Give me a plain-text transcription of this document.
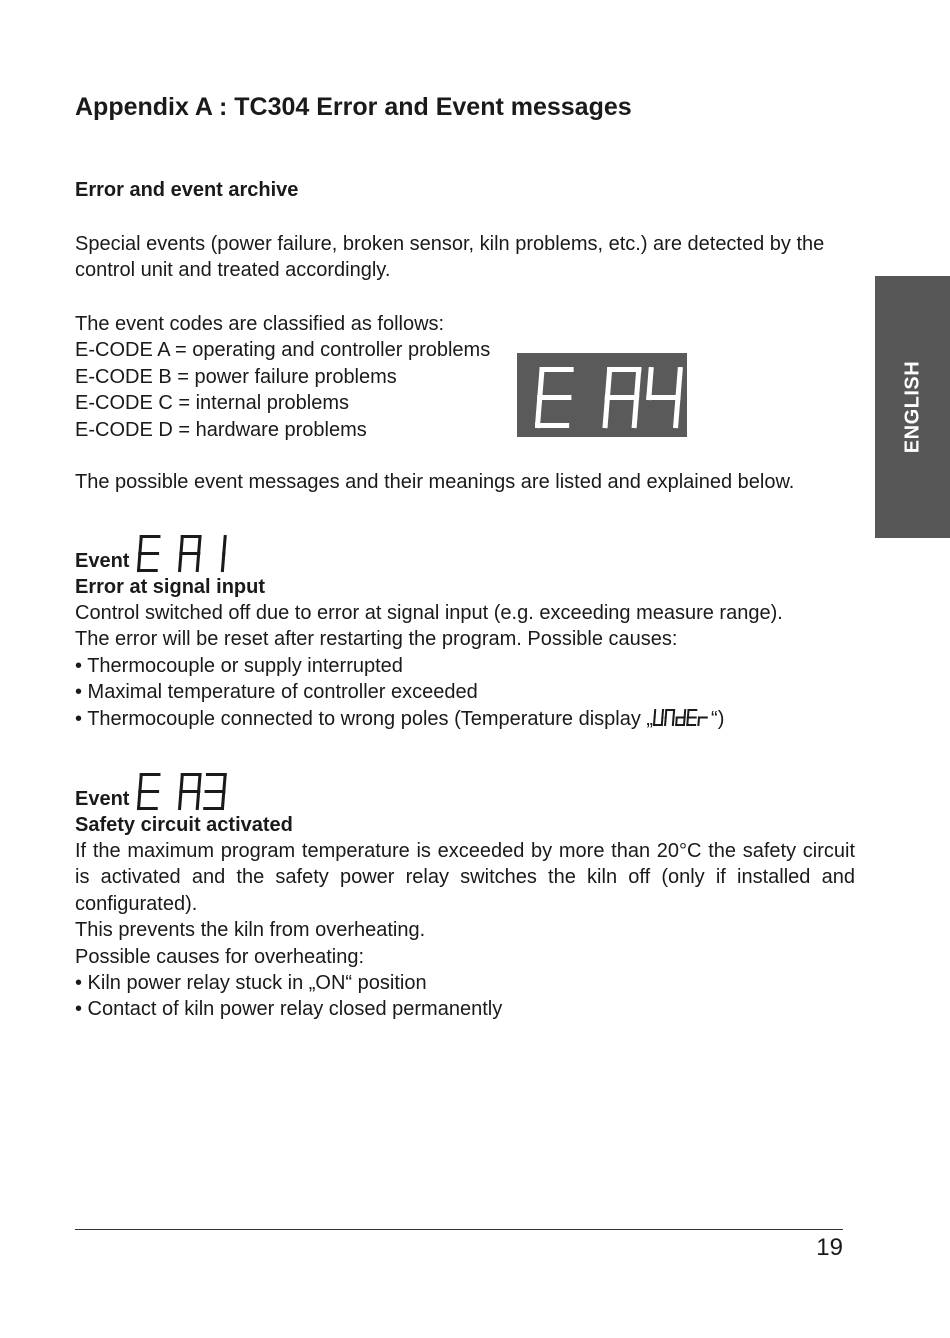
Appendix A : TC304 Error and Event messages
Error and event archive
Special events (power failure, broken sensor, kiln problems, etc.) are detected by the control unit and treated accordingly.
The event codes are classified as follows:
E-CODE A = operating and controller problems
E-CODE B = power failure problems
E-CODE C = internal problems
E-CODE D = hardware problems
The possible event messages and their meanings are listed and explained below.
Event
Error at signal input
Control switched off due to error at signal input (e.g. exceeding measure range).
The error will be reset after restarting the program. Possible causes:
• Thermocouple or supply interrupted
• Maximal temperature of controller exceeded
• Thermocouple connected to wrong poles (Temperature display „	“)
Event
Safety circuit activated
If the maximum program temperature is exceeded by more than 20°C the safety circuit is activated and the safety power relay switches the kiln off (only if installed and configurated).
This prevents the kiln from overheating.
Possible causes for overheating:
• Kiln power relay stuck in „ON“ position
• Contact of kiln power relay closed permanently
ENGLISH
19
